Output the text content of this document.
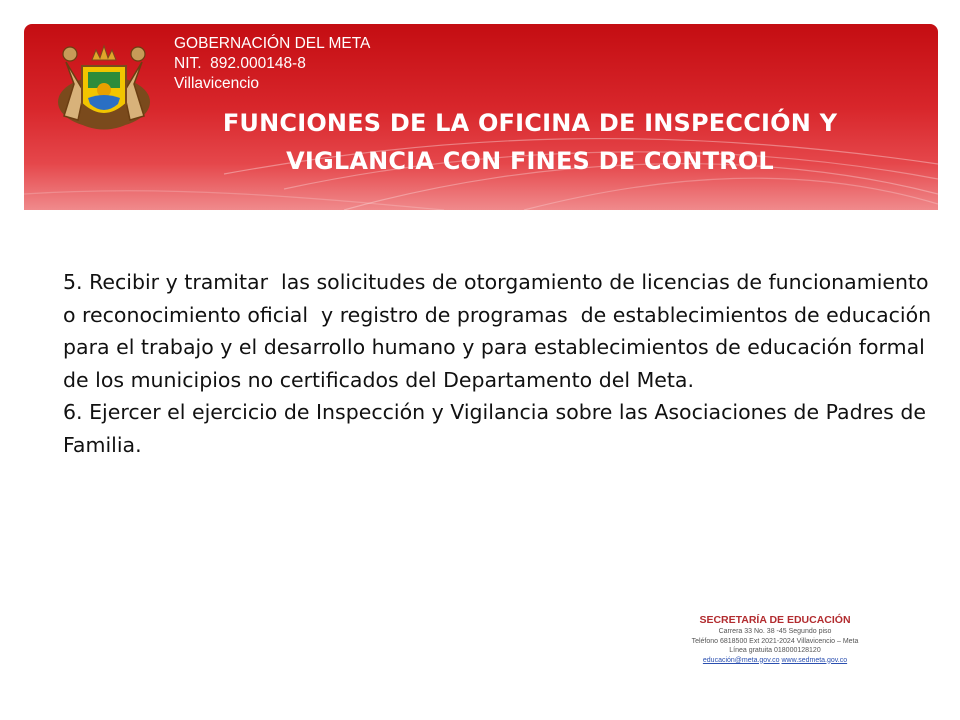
GOBERNACIÓN DEL META
NIT.  892.000148-8
Villavicencio
FUNCIONES DE LA OFICINA DE INSPECCIÓN Y
VIGLANCIA CON FINES DE CONTROL

5. Recibir y tramitar  las solicitudes de otorgamiento de licencias de funcionamiento o reconocimiento oficial  y registro de programas  de establecimientos de educación para el trabajo y el desarrollo humano y para establecimientos de educación formal de los municipios no certificados del Departamento del Meta.

6. Ejercer el ejercicio de Inspección y Vigilancia sobre las Asociaciones de Padres de Familia.

SECRETARÍA DE EDUCACIÓN
Carrera 33 No. 38 -45 Segundo piso
Teléfono 6818500 Ext 2021-2024 Villavicencio – Meta
Línea gratuita 018000128120
educación@meta.gov.co www.sedmeta.gov.co
